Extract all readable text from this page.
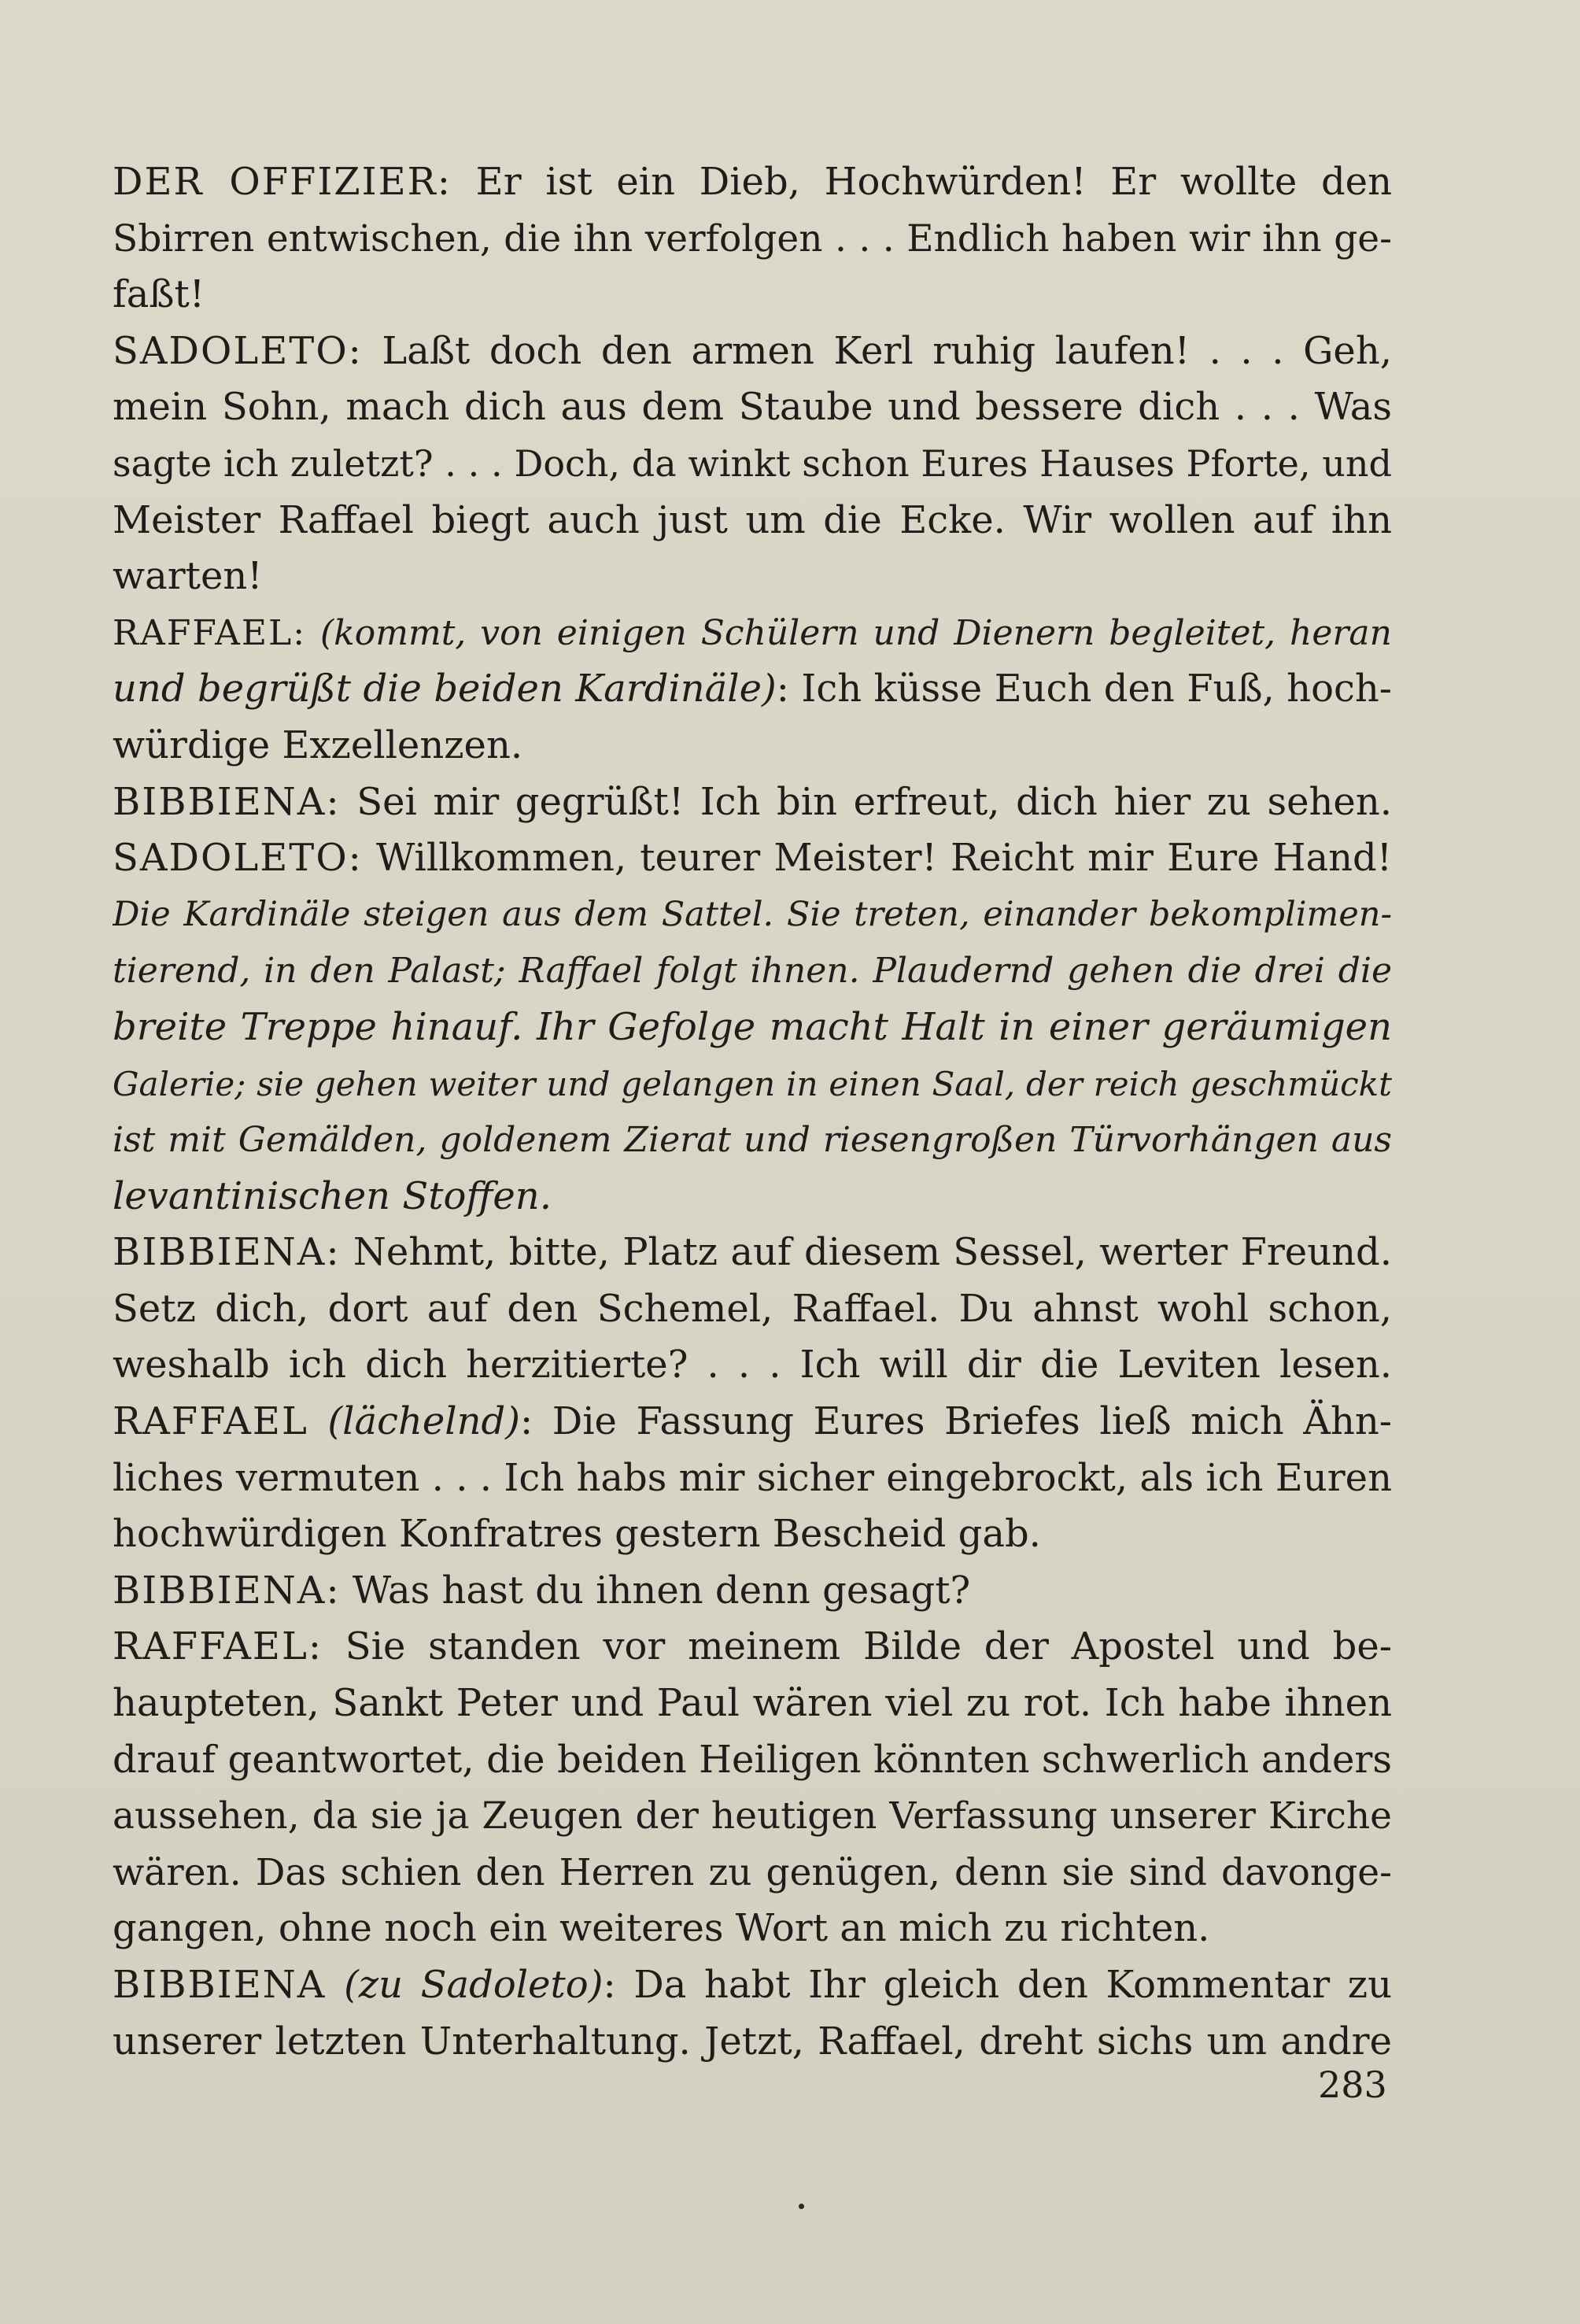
DER OFFIZIER: Er ist ein Dieb, Hochwürden! Er wollte den
Sbirren entwischen, die ihn verfolgen . . . Endlich haben wir ihn ge-
faßt!
SADOLETO: Laßt doch den armen Kerl ruhig laufen! . . . Geh,
mein Sohn, mach dich aus dem Staube und bessere dich . . . Was
sagte ich zuletzt? . . . Doch, da winkt schon Eures Hauses Pforte, und
Meister Raffael biegt auch just um die Ecke. Wir wollen auf ihn
warten!
RAFFAEL: (kommt, von einigen Schülern und Dienern begleitet, heran
und begrüßt die beiden Kardinäle): Ich küsse Euch den Fuß, hoch-
würdige Exzellenzen.
BIBBIENA: Sei mir gegrüßt! Ich bin erfreut, dich hier zu sehen.
SADOLETO: Willkommen, teurer Meister! Reicht mir Eure Hand!
Die Kardinäle steigen aus dem Sattel. Sie treten, einander bekomplimen-
tierend, in den Palast; Raffael folgt ihnen. Plaudernd gehen die drei die
breite Treppe hinauf. Ihr Gefolge macht Halt in einer geräumigen
Galerie; sie gehen weiter und gelangen in einen Saal, der reich geschmückt
ist mit Gemälden, goldenem Zierat und riesengroßen Türvorhängen aus
levantinischen Stoffen.
BIBBIENA: Nehmt, bitte, Platz auf diesem Sessel, werter Freund.
Setz dich, dort auf den Schemel, Raffael. Du ahnst wohl schon,
weshalb ich dich herzitierte? . . . Ich will dir die Leviten lesen.
RAFFAEL (lächelnd): Die Fassung Eures Briefes ließ mich Ähn-
liches vermuten . . . Ich habs mir sicher eingebrockt, als ich Euren
hochwürdigen Konfratres gestern Bescheid gab.
BIBBIENA: Was hast du ihnen denn gesagt?
RAFFAEL: Sie standen vor meinem Bilde der Apostel und be-
haupteten, Sankt Peter und Paul wären viel zu rot. Ich habe ihnen
drauf geantwortet, die beiden Heiligen könnten schwerlich anders
aussehen, da sie ja Zeugen der heutigen Verfassung unserer Kirche
wären. Das schien den Herren zu genügen, denn sie sind davonge-
gangen, ohne noch ein weiteres Wort an mich zu richten.
BIBBIENA (zu Sadoleto): Da habt Ihr gleich den Kommentar zu
unserer letzten Unterhaltung. Jetzt, Raffael, dreht sichs um andre
283
